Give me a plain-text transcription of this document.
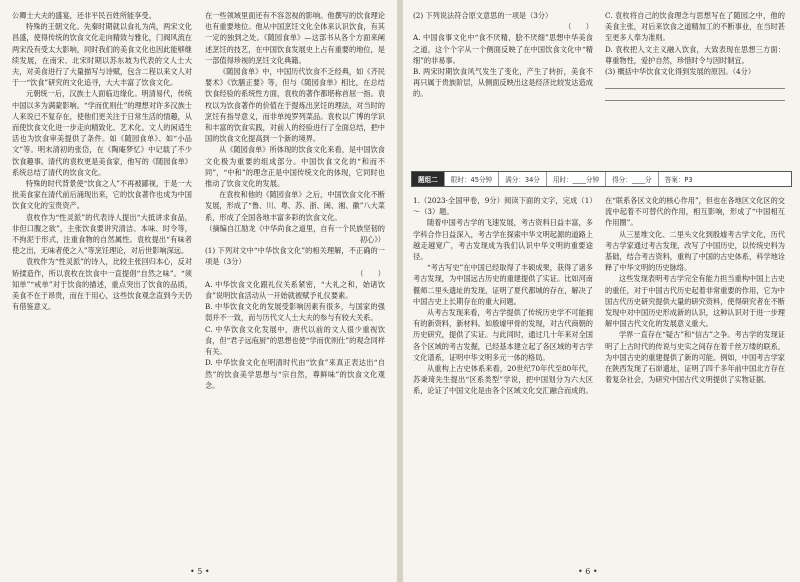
公卿士大夫的盛宴，还非平民百姓所能享受。

特殊的王朝文化。先秦时期就以食礼为尚，两宋文化昌盛，使得传统的饮食文化走向精致与雅化，门阀风流在两宋没有受太大影响，同时我们的美食文化也因此能够继续发展，在南宋、北宋时期以苏东坡为代表的文人士大夫，对美食进行了大量描写与诗赋，包含二程以来文人对于一“饮食”研究的文化追寻，大大丰富了饮食文化。

元朝统一后，汉族士人面临边缘化。明清易代，传统中国以多为满蒙影响。“学而优则仕”的理想对许多汉族士人来说已不复存在，使他们更关注于日常生活的情趣，从而使饮食文化进一步走向精致化、艺术化。文人的闲适生活也为饮食审美提供了条件。如《随园食单》、如“小品文”等。明末清初的张岱，在《陶庵梦忆》中记载了不少饮食趣事。清代的袁枚更是美食家，他写的《随园食单》系统总结了清代的饮食文化。

特殊的时代背景使“饮食之人”不再被鄙视，于是一大批美食家在清代前后涌现出来，它的饮食著作也成为中国饮食文化的宝贵资产。

袁枚作为“性灵派”的代表诗人提出“大抵讲求食品，非但口腹之欲”，主张饮食要讲究清洁、本味、时令等，不拘泥于形式，注重食物的自然属性。袁枚提出“有味者使之出，无味者使之入”等烹饪理论，对后世影响深远。

袁枚作为“性灵派”的诗人，比较主张回归本心，反对矫揉造作，所以袁枚在饮食中一直提倡“自然之味”。“须知单”“戒单”对于饮食的描述，重点突出了饮食的品质，美食不在于昂贵，而在于用心，这些饮食观念直到今天仍有借鉴意义。

在一些领域里面还有不容忽视的影响。他撰写的饮食理论也有重要地位。他从中国烹饪文化全体来认识饮食，有其一定的独到之处。《随园食单》—这部书从各个方面来阐述烹饪的技艺，在中国饮食发展史上占有重要的地位，是一部值得珍视的烹饪文化典籍。

《随园食单》中，中国历代饮食不乏经典，如《齐民要术》《饮膳正要》等，但与《随园食单》相比，在总结饮食经验的系统性方面，袁枚的著作都堪称首屈一指。袁枚以为饮食著作的价值在于提炼出烹饪的理法，对当时的烹饪有指导意义，而非单纯罗列菜品。袁枚以广博的学识和丰富的饮食实践，对前人的经验进行了全面总结，把中国的饮食文化提高到一个新的境界。

从《随园食单》所体现的饮食文化来看，是中国饮食文化极为重要的组成部分。中国饮食文化的“和而不同”，“中和”的理念正是中国传统文化的体现，它同时也推动了饮食文化的发展。

在袁枚和他的《随园食单》之后，中国饮食文化不断发展，形成了“鲁、川、粤、苏、浙、闽、湘、徽”八大菜系，形成了全国各地丰富多彩的饮食文化。

（摘编自江励龙《中华尚食之道里，自有一个民族坚韧的初心》）

(1) 下列对文中“中华饮食文化”的相关理解，不正确的一项是（3分）

（　　）

A. 中华饮食文化跟礼仪关系紧密，“大礼之和，始诸饮食”说明饮食活动从一开始就被赋予礼仪要素。

B. 中华饮食文化的发展受影响因素有很多，与国家的强弱并不一致，而与历代文人士大夫的参与有较大关系。

C. 中华饮食文化发展中，唐代以前的文人很少重视饮食，但“君子远庖厨”的思想也使“学而优则仕”的观念同样有关。

D. 中华饮食文化在明清时代由“饮食”来真正表达出“自然”的饮食美学思想与“宗自然，尊鲜味”的饮食文化观念。

• 5 •

(2) 下列说法符合原文意思的一项是（3分）

（　　）

A. 中国食事文化中“食不厌精，脍不厌细”思想中华美食之道，这个个字从一个侧面反映了在中国饮食文化中“精细”的非易事。

B. 两宋时期饮食风气发生了变化，产生了转折，美食不再只属于贵族阶层，从侧面反映出这是经济比较发达造成的。

C. 袁枚将自己的饮食理念与思想写在了随园之中，他的美食主张，对后来饮食之道精加工的不断事业，在当时甚至更多人奉为准则。

D. 袁枚把人文主义融入饮食，大致表现在思想三方面：尊重物性，爱护自然，珍惜时令与因时制宜。

(3) 概括中华饮食文化得到发展的原因。（4分）

题组二	限时：45分钟	满分：34分	用时：____分钟	得分：____分	答案：P3

1.（2023·全国甲卷，9分）阅读下面的文字，完成（1）～（3）题。

随着中国考古学的飞速发展，考古资料日益丰富，多学科合作日益深入，考古学在探索中华文明起源的道路上越走越宽广，考古发现成为我们认识中华文明的重要途径。

“考古写史”在中国已经取得了丰硕成果，获得了诸多考古发现，为中国远古历史的重建提供了实证。比如河南偃师二里头遗址的发现，证明了夏代都城的存在，解决了中国古史上长期存在的重大问题。

从考古发现来看，考古学提供了传统历史学不可能拥有的新资料，新材料。如殷墟甲骨的发现，对古代商朝的历史研究，提供了实证。与此同时，通过几十年来对全国各个区域的考古发掘，已经基本建立起了各区域的考古学文化谱系，证明中华文明多元一体的格局。

从重构上古史体系来看，20世纪70年代至80年代，苏秉琦先生提出“区系类型”学说，把中国划分为六大区系，论证了中国文化是由各个区域文化交汇融合而成的。

在“联系各区文化的核心作用”，但也在各地区文化区的交流中起着不可替代的作用，相互影响，形成了“中国相互作用圈”。

从三星堆文化、二里头文化到殷墟考古学文化，历代考古学家通过考古发现，改写了中国历史，以传统史料为基础，结合考古资料，重构了中国的古史体系，科学地诠释了中华文明的历史脉络。

这些发现表明考古学完全有能力担当重构中国上古史的重任，对于中国古代历史起着非常重要的作用，它为中国古代历史研究提供大量的研究资料，使得研究者在不断发现中对中国历史形成新的认识，这种认识对于进一步理解中国古代文化的发展意义重大。

学界一直存在“疑古”和“信古”之争。考古学的发现证明了上古时代的传说与史实之间存在着千丝万缕的联系，为中国古史的重建提供了新的可能。例如，中国考古学家在陕西发现了石峁遗址，证明了四千多年前中国北方存在着复杂社会，为研究中国古代文明提供了实物证据。

• 6 •
